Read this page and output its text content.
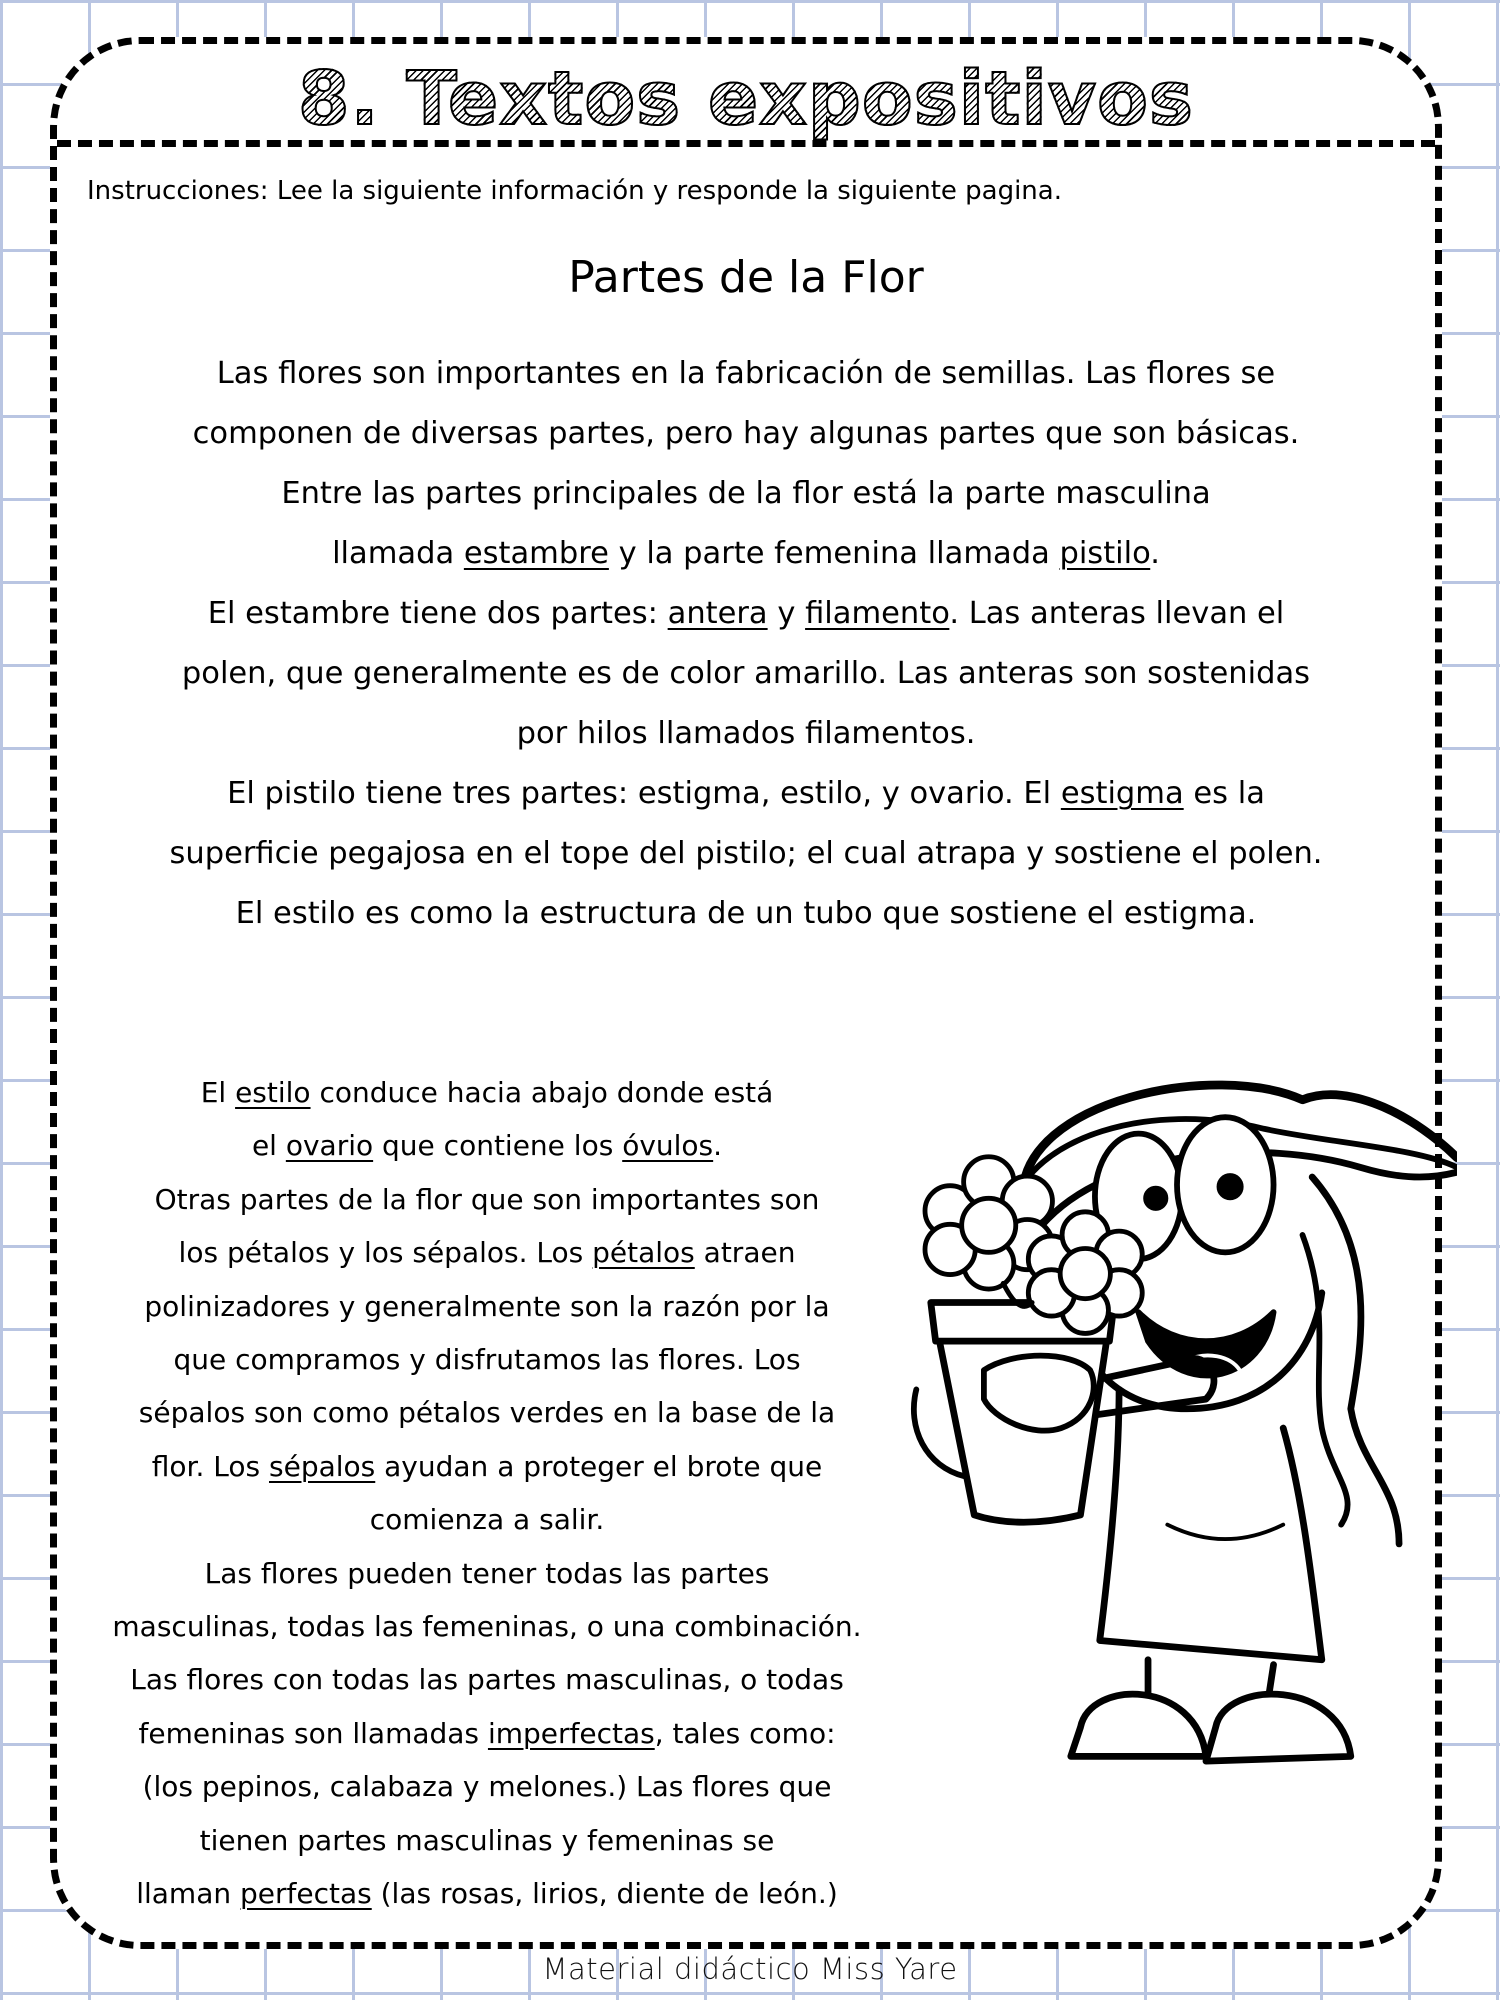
8. Textos expositivos
Instrucciones: Lee la siguiente información y responde la siguiente pagina.
Partes de la Flor
Las flores son importantes en la fabricación de semillas. Las flores se
componen de diversas partes, pero hay algunas partes que son básicas.
Entre las partes principales de la flor está la parte masculina
llamada estambre y la parte femenina llamada pistilo.
El estambre tiene dos partes: antera y filamento. Las anteras llevan el
polen, que generalmente es de color amarillo. Las anteras son sostenidas
por hilos llamados filamentos.
El pistilo tiene tres partes: estigma, estilo, y ovario. El estigma es la
superficie pegajosa en el tope del pistilo; el cual atrapa y sostiene el polen.
El estilo es como la estructura de un tubo que sostiene el estigma.
El estilo conduce hacia abajo donde está
el ovario que contiene los óvulos.
Otras partes de la flor que son importantes son
los pétalos y los sépalos. Los pétalos atraen
polinizadores y generalmente son la razón por la
que compramos y disfrutamos las flores. Los
sépalos son como pétalos verdes en la base de la
flor. Los sépalos ayudan a proteger el brote que
comienza a salir.
Las flores pueden tener todas las partes
masculinas, todas las femeninas, o una combinación.
Las flores con todas las partes masculinas, o todas
femeninas son llamadas imperfectas, tales como:
(los pepinos, calabaza y melones.) Las flores que
tienen partes masculinas y femeninas se
llaman perfectas (las rosas, lirios, diente de león.)
Material didáctico Miss Yare
